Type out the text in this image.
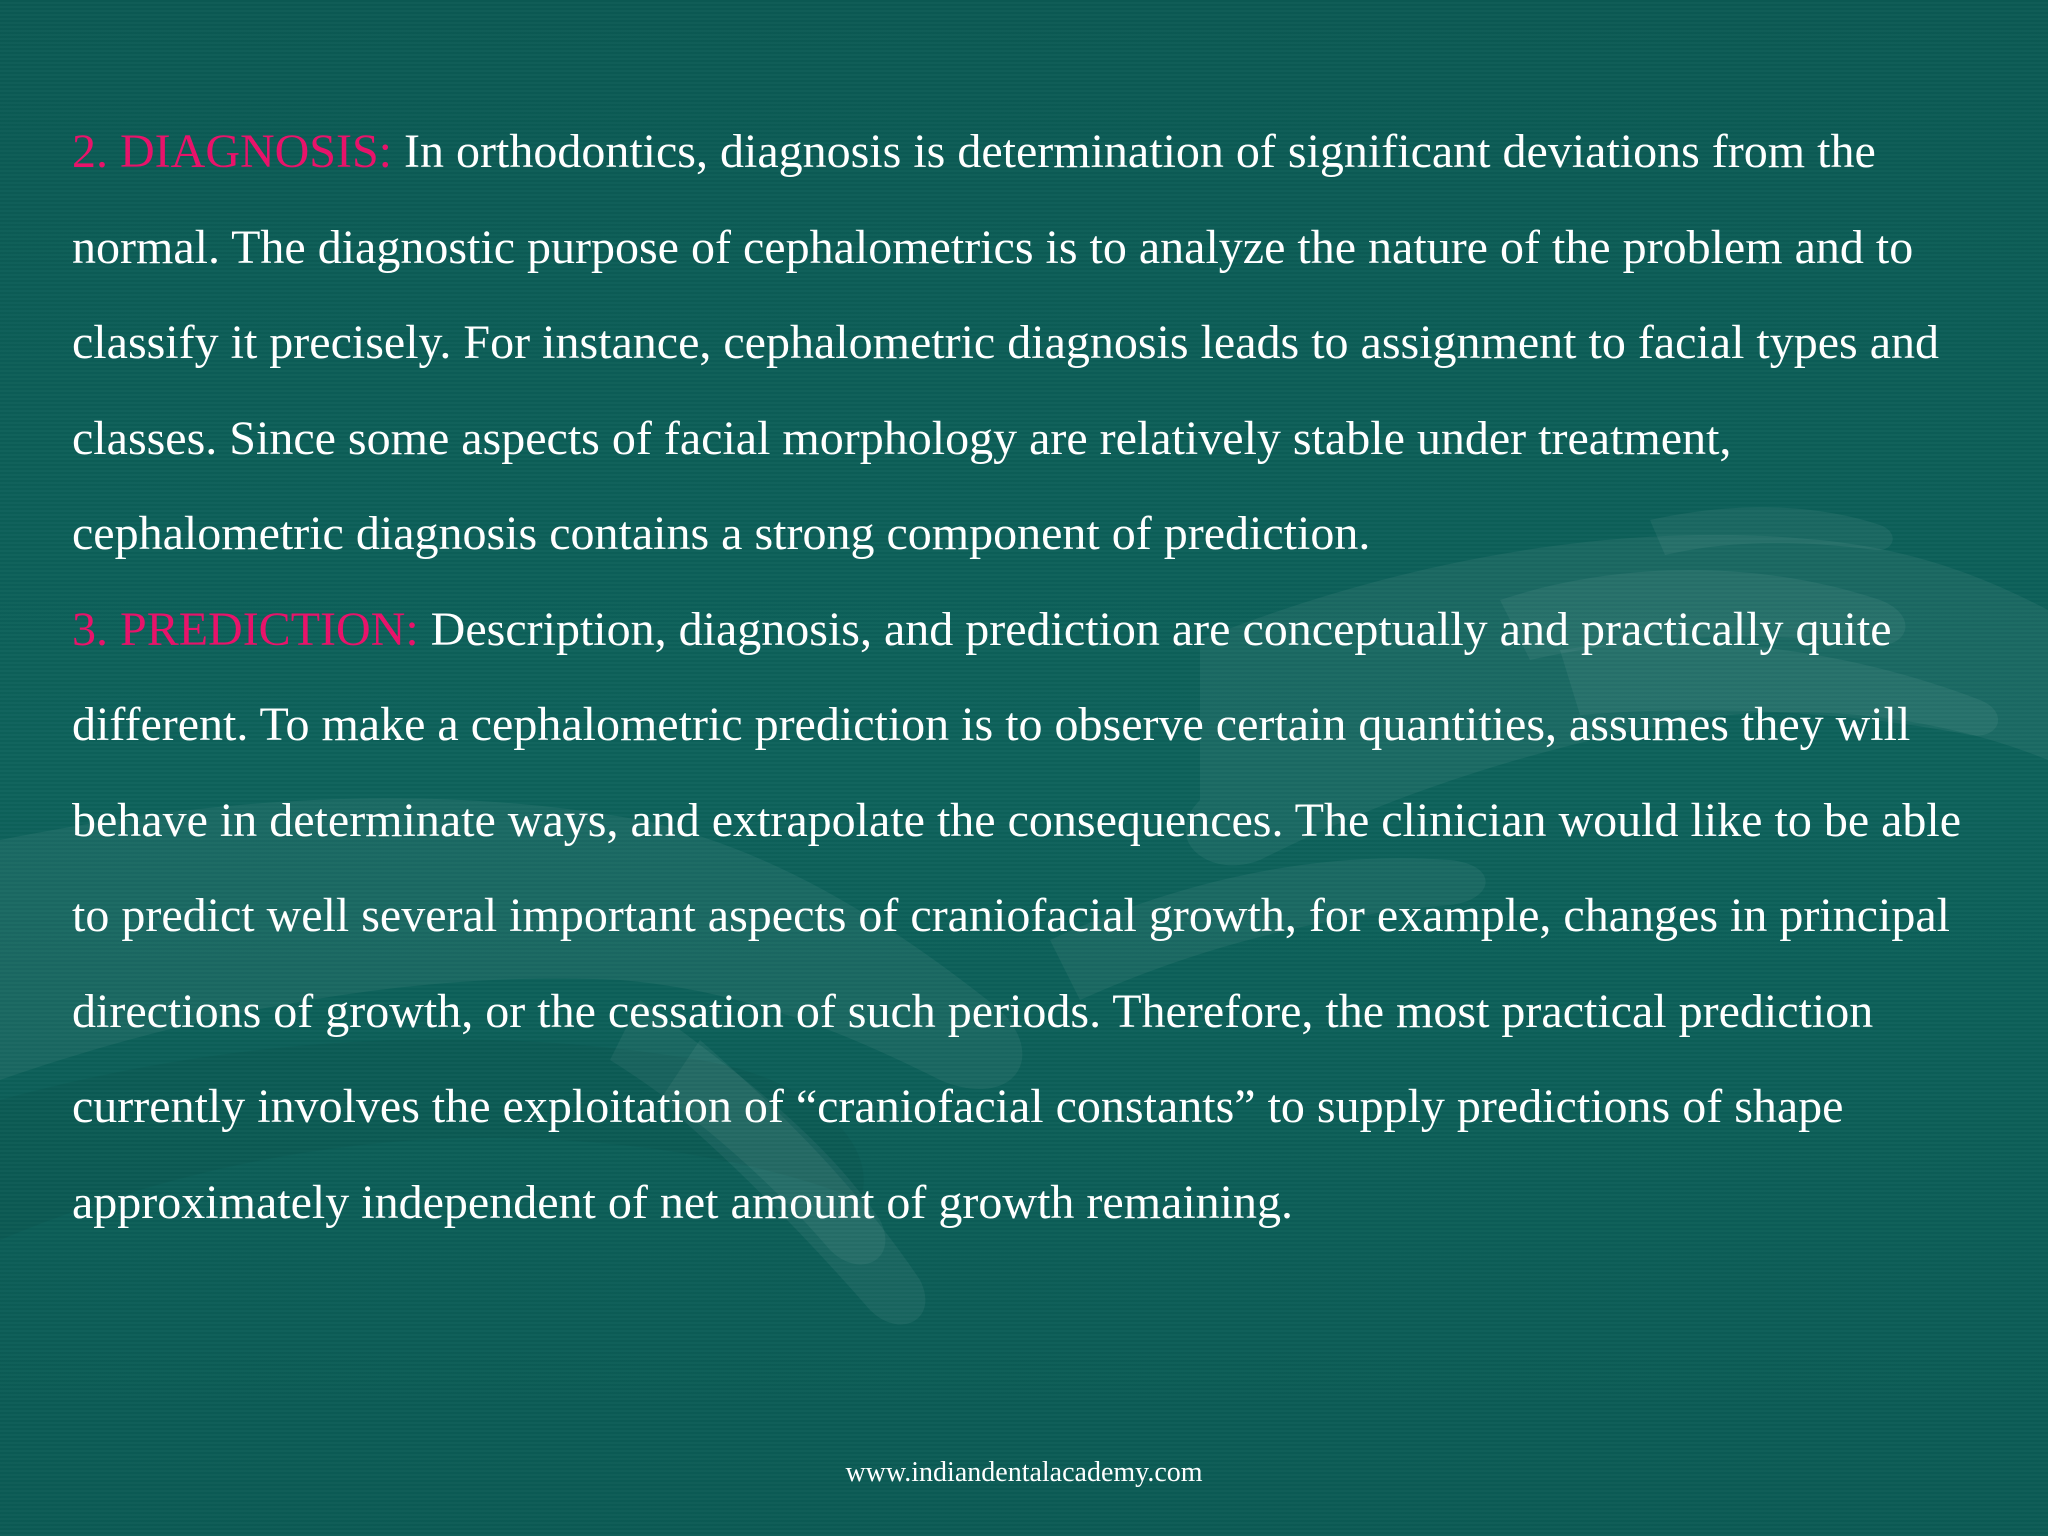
2. DIAGNOSIS: In orthodontics, diagnosis is determination of significant deviations from the normal. The diagnostic purpose of cephalometrics is to analyze the nature of the problem and to classify it precisely. For instance, cephalometric diagnosis leads to assignment to facial types and classes. Since some aspects of facial morphology are relatively stable under treatment, cephalometric diagnosis contains a strong component of prediction.

3. PREDICTION: Description, diagnosis, and prediction are conceptually and practically quite different. To make a cephalometric prediction is to observe certain quantities, assumes they will behave in determinate ways, and extrapolate the consequences. The clinician would like to be able to predict well several important aspects of craniofacial growth, for example, changes in principal directions of growth, or the cessation of such periods. Therefore, the most practical prediction currently involves the exploitation of “craniofacial constants” to supply predictions of shape approximately independent of net amount of growth remaining.

www.indiandentalacademy.com
